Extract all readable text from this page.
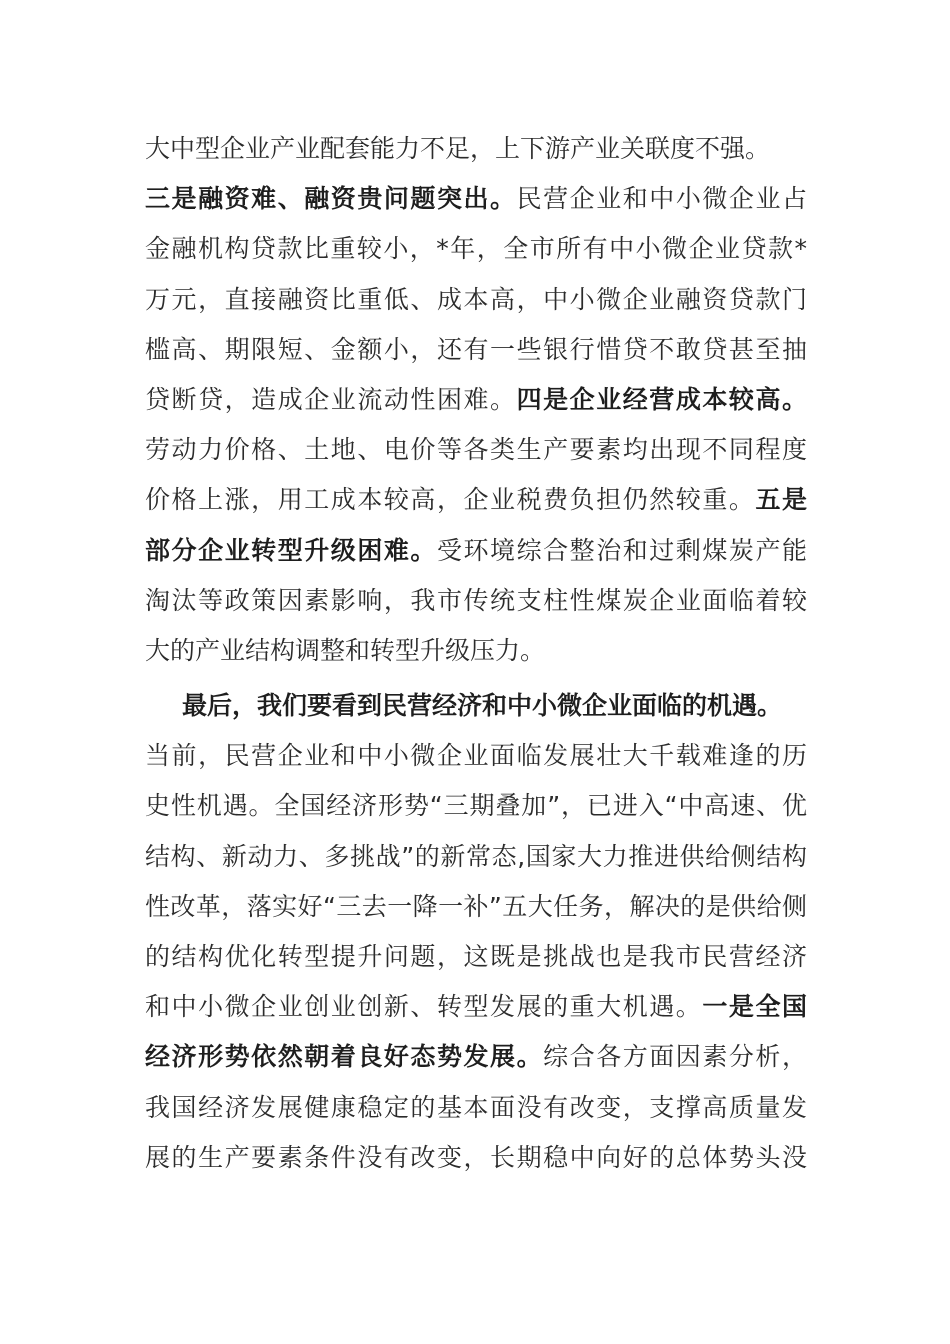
大中型企业产业配套能力不足，上下游产业关联度不强。
三是融资难、融资贵问题突出。民营企业和中小微企业占
金融机构贷款比重较小，*年，全市所有中小微企业贷款*
万元，直接融资比重低、成本高，中小微企业融资贷款门
槛高、期限短、金额小，还有一些银行惜贷不敢贷甚至抽
贷断贷，造成企业流动性困难。四是企业经营成本较高。
劳动力价格、土地、电价等各类生产要素均出现不同程度
价格上涨，用工成本较高，企业税费负担仍然较重。五是
部分企业转型升级困难。受环境综合整治和过剩煤炭产能
淘汰等政策因素影响，我市传统支柱性煤炭企业面临着较
大的产业结构调整和转型升级压力。
最后，我们要看到民营经济和中小微企业面临的机遇。
当前，民营企业和中小微企业面临发展壮大千载难逢的历
史性机遇。全国经济形势“三期叠加”，已进入“中高速、优
结构、新动力、多挑战”的新常态,国家大力推进供给侧结构
性改革，落实好“三去一降一补”五大任务，解决的是供给侧
的结构优化转型提升问题，这既是挑战也是我市民营经济
和中小微企业创业创新、转型发展的重大机遇。一是全国
经济形势依然朝着良好态势发展。综合各方面因素分析，
我国经济发展健康稳定的基本面没有改变，支撑高质量发
展的生产要素条件没有改变，长期稳中向好的总体势头没
